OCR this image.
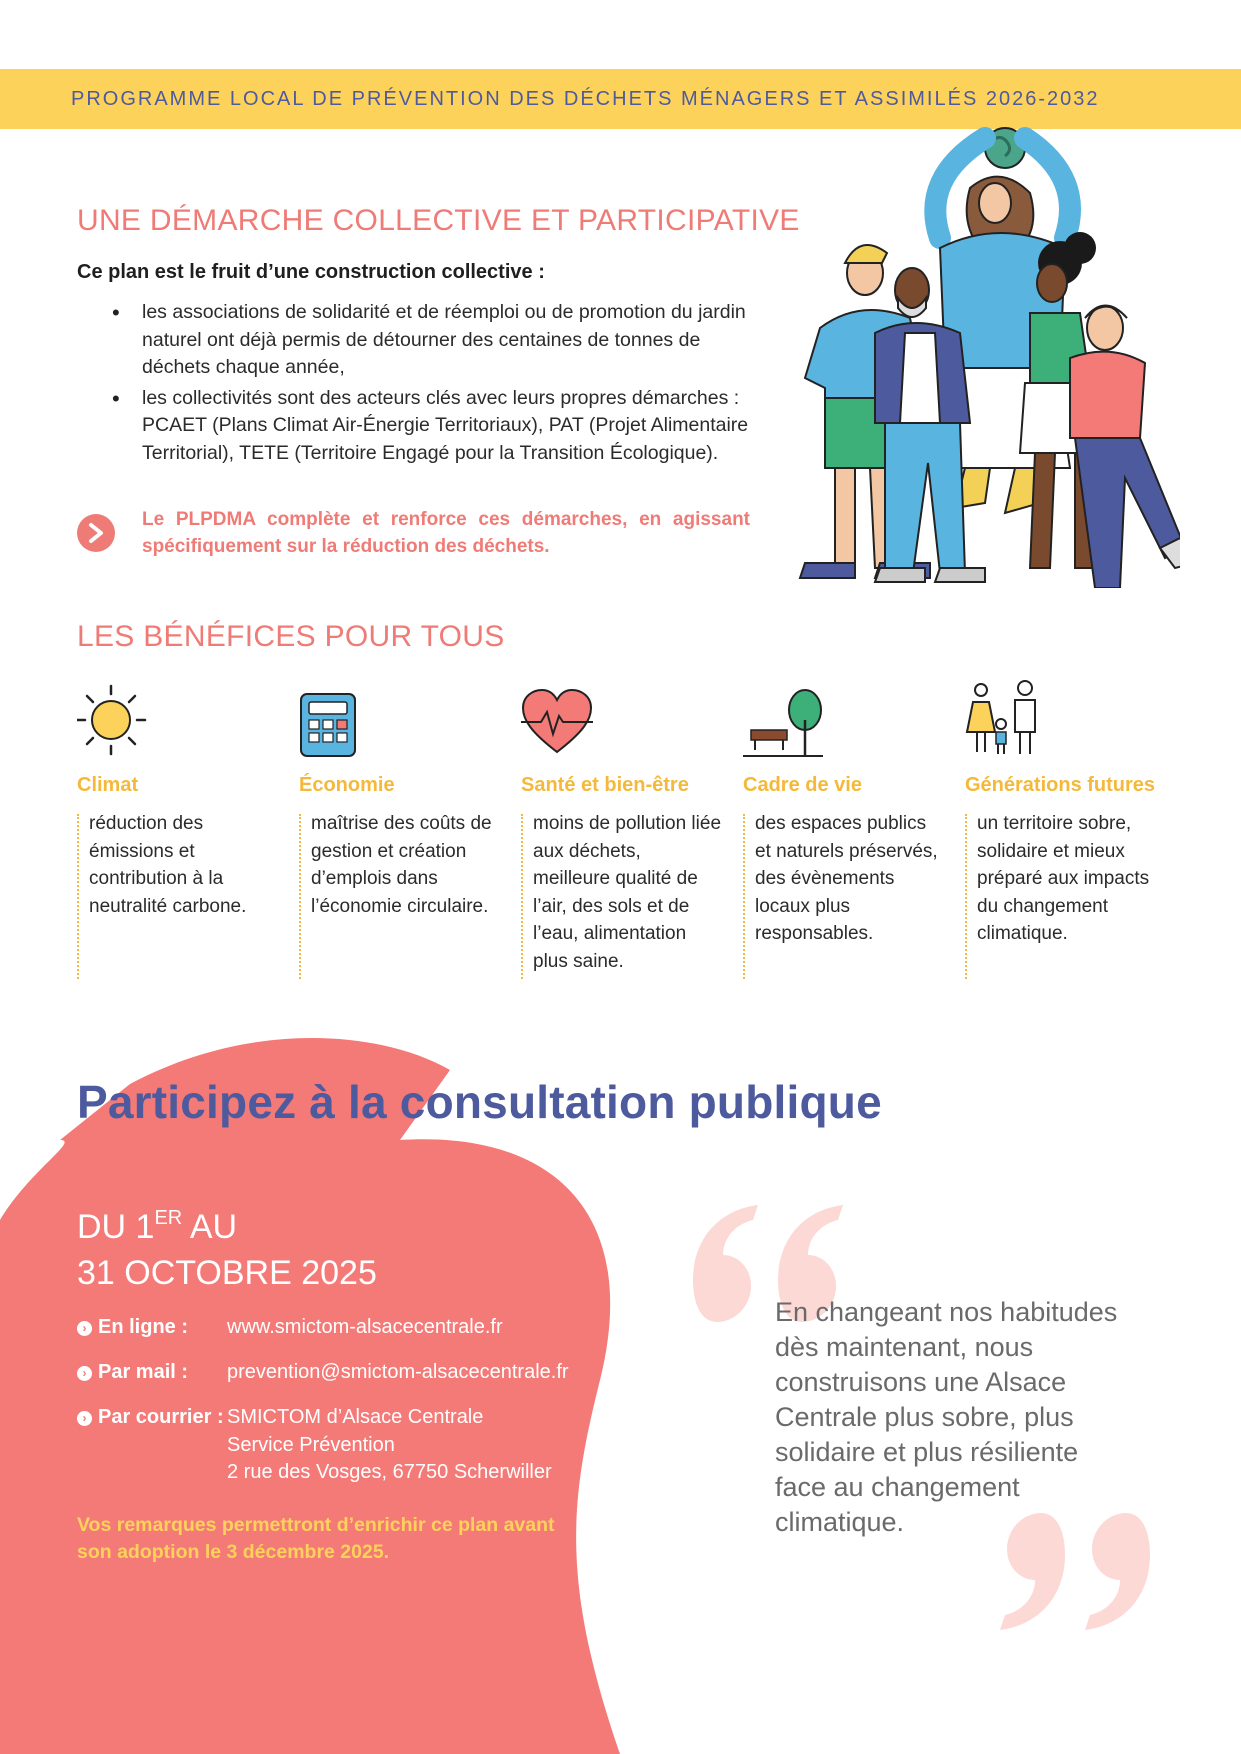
PROGRAMME LOCAL DE PRÉVENTION DES DÉCHETS MÉNAGERS ET ASSIMILÉS 2026-2032
UNE DÉMARCHE COLLECTIVE ET PARTICIPATIVE
Ce plan est le fruit d’une construction collective :
• les associations de solidarité et de réemploi ou de promotion du jardin naturel ont déjà permis de détourner des centaines de tonnes de déchets chaque année,
• les collectivités sont des acteurs clés avec leurs propres démarches : PCAET (Plans Climat Air-Énergie Territoriaux), PAT (Projet Alimentaire Territorial), TETE (Territoire Engagé pour la Transition Écologique).
Le PLPDMA complète et renforce ces démarches, en agissant spécifiquement sur la réduction des déchets.
LES BÉNÉFICES POUR TOUS
Climat
réduction des émissions et contribution à la neutralité carbone.
Économie
maîtrise des coûts de gestion et création d’emplois dans l’économie circulaire.
Santé et bien-être
moins de pollution liée aux déchets, meilleure qualité de l’air, des sols et de l’eau, alimentation plus saine.
Cadre de vie
des espaces publics et naturels préservés, des évènements locaux plus responsables.
Générations futures
un territoire sobre, solidaire et mieux préparé aux impacts du changement climatique.
Participez à la consultation publique
DU 1ER AU
31 OCTOBRE 2025
› En ligne : www.smictom-alsacecentrale.fr
› Par mail : prevention@smictom-alsacecentrale.fr
› Par courrier : SMICTOM d’Alsace Centrale
Service Prévention
2 rue des Vosges, 67750 Scherwiller
Vos remarques permettront d’enrichir ce plan avant son adoption le 3 décembre 2025.
En changeant nos habitudes dès maintenant, nous construisons une Alsace Centrale plus sobre, plus solidaire et plus résiliente face au changement climatique.
